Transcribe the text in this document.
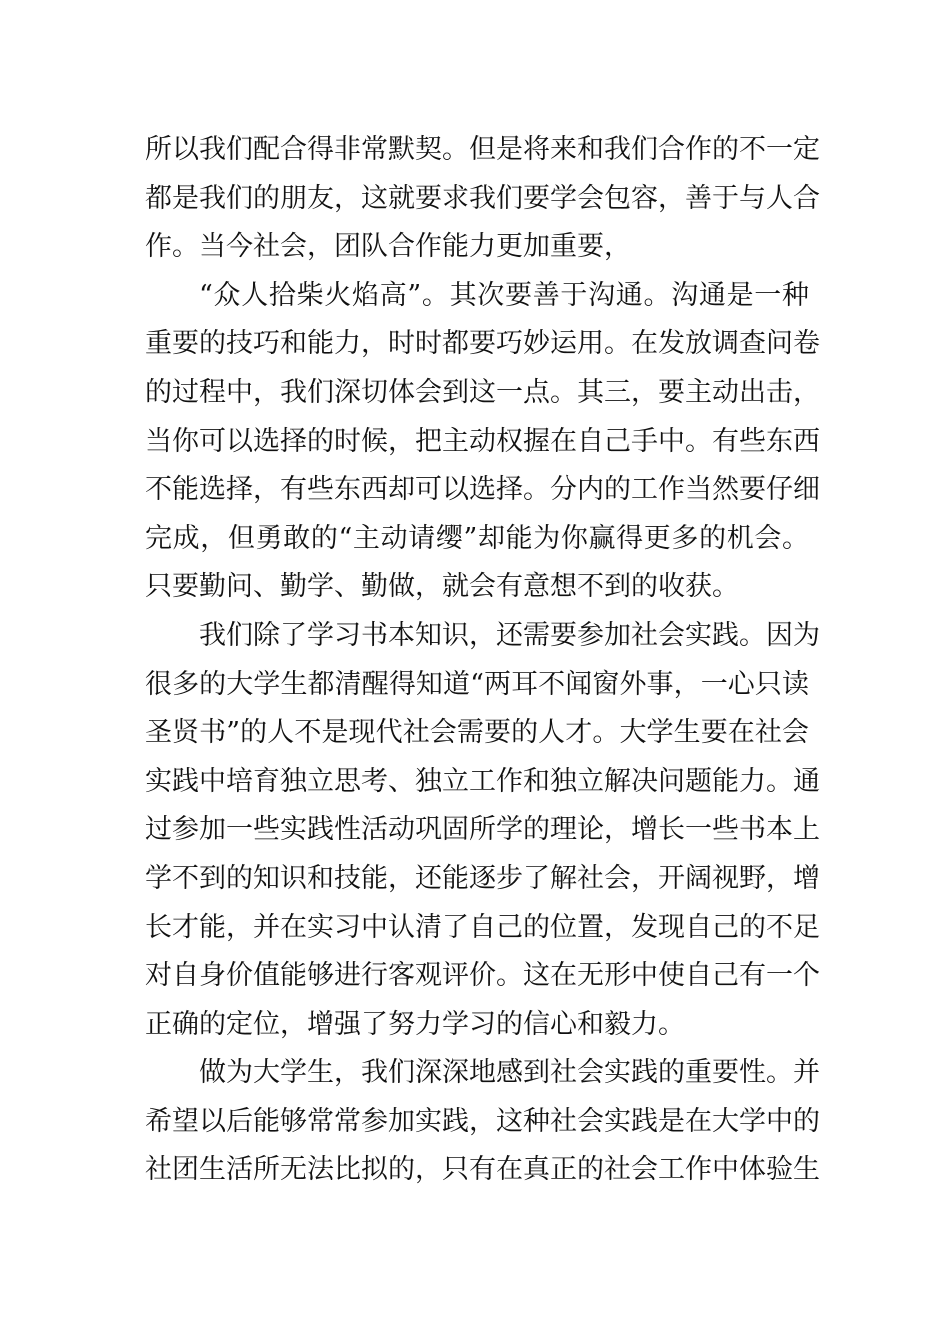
所以我们配合得非常默契。但是将来和我们合作的不一定
都是我们的朋友，这就要求我们要学会包容，善于与人合
作。当今社会，团队合作能力更加重要，
“众人拾柴火焰高”。其次要善于沟通。沟通是一种
重要的技巧和能力，时时都要巧妙运用。在发放调查问卷
的过程中，我们深切体会到这一点。其三，要主动出击，
当你可以选择的时候，把主动权握在自己手中。有些东西
不能选择，有些东西却可以选择。分内的工作当然要仔细
完成，但勇敢的“主动请缨”却能为你赢得更多的机会。
只要勤问、勤学、勤做，就会有意想不到的收获。
我们除了学习书本知识，还需要参加社会实践。因为
很多的大学生都清醒得知道“两耳不闻窗外事，一心只读
圣贤书”的人不是现代社会需要的人才。大学生要在社会
实践中培育独立思考、独立工作和独立解决问题能力。通
过参加一些实践性活动巩固所学的理论，增长一些书本上
学不到的知识和技能，还能逐步了解社会，开阔视野，增
长才能，并在实习中认清了自己的位置，发现自己的不足
对自身价值能够进行客观评价。这在无形中使自己有一个
正确的定位，增强了努力学习的信心和毅力。
做为大学生，我们深深地感到社会实践的重要性。并
希望以后能够常常参加实践，这种社会实践是在大学中的
社团生活所无法比拟的，只有在真正的社会工作中体验生
